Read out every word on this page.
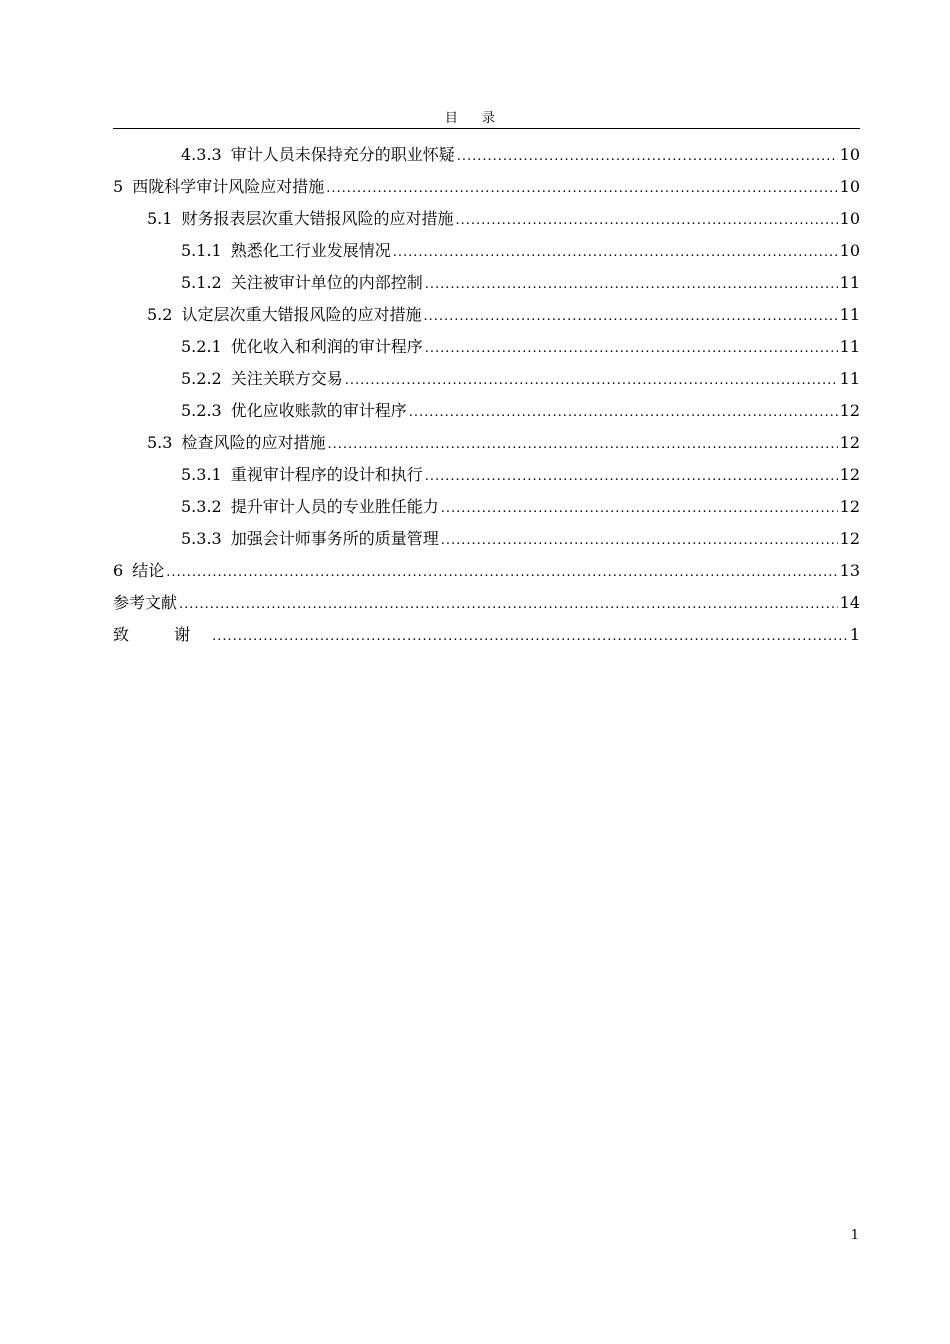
目 录
4.3.3 审计人员未保持充分的职业怀疑 .....	10
5 西陇科学审计风险应对措施 .....	10
5.1 财务报表层次重大错报风险的应对措施 .....	10
5.1.1 熟悉化工行业发展情况 .....	10
5.1.2 关注被审计单位的内部控制 .....	11
5.2 认定层次重大错报风险的应对措施 .....	11
5.2.1 优化收入和利润的审计程序 .....	11
5.2.2 关注关联方交易 .....	11
5.2.3 优化应收账款的审计程序 .....	12
5.3 检查风险的应对措施 .....	12
5.3.1 重视审计程序的设计和执行 .....	12
5.3.2 提升审计人员的专业胜任能力 .....	12
5.3.3 加强会计师事务所的质量管理 .....	12
6 结论 .....	13
参考文献 .....	14
致 谢 .....	1
1
